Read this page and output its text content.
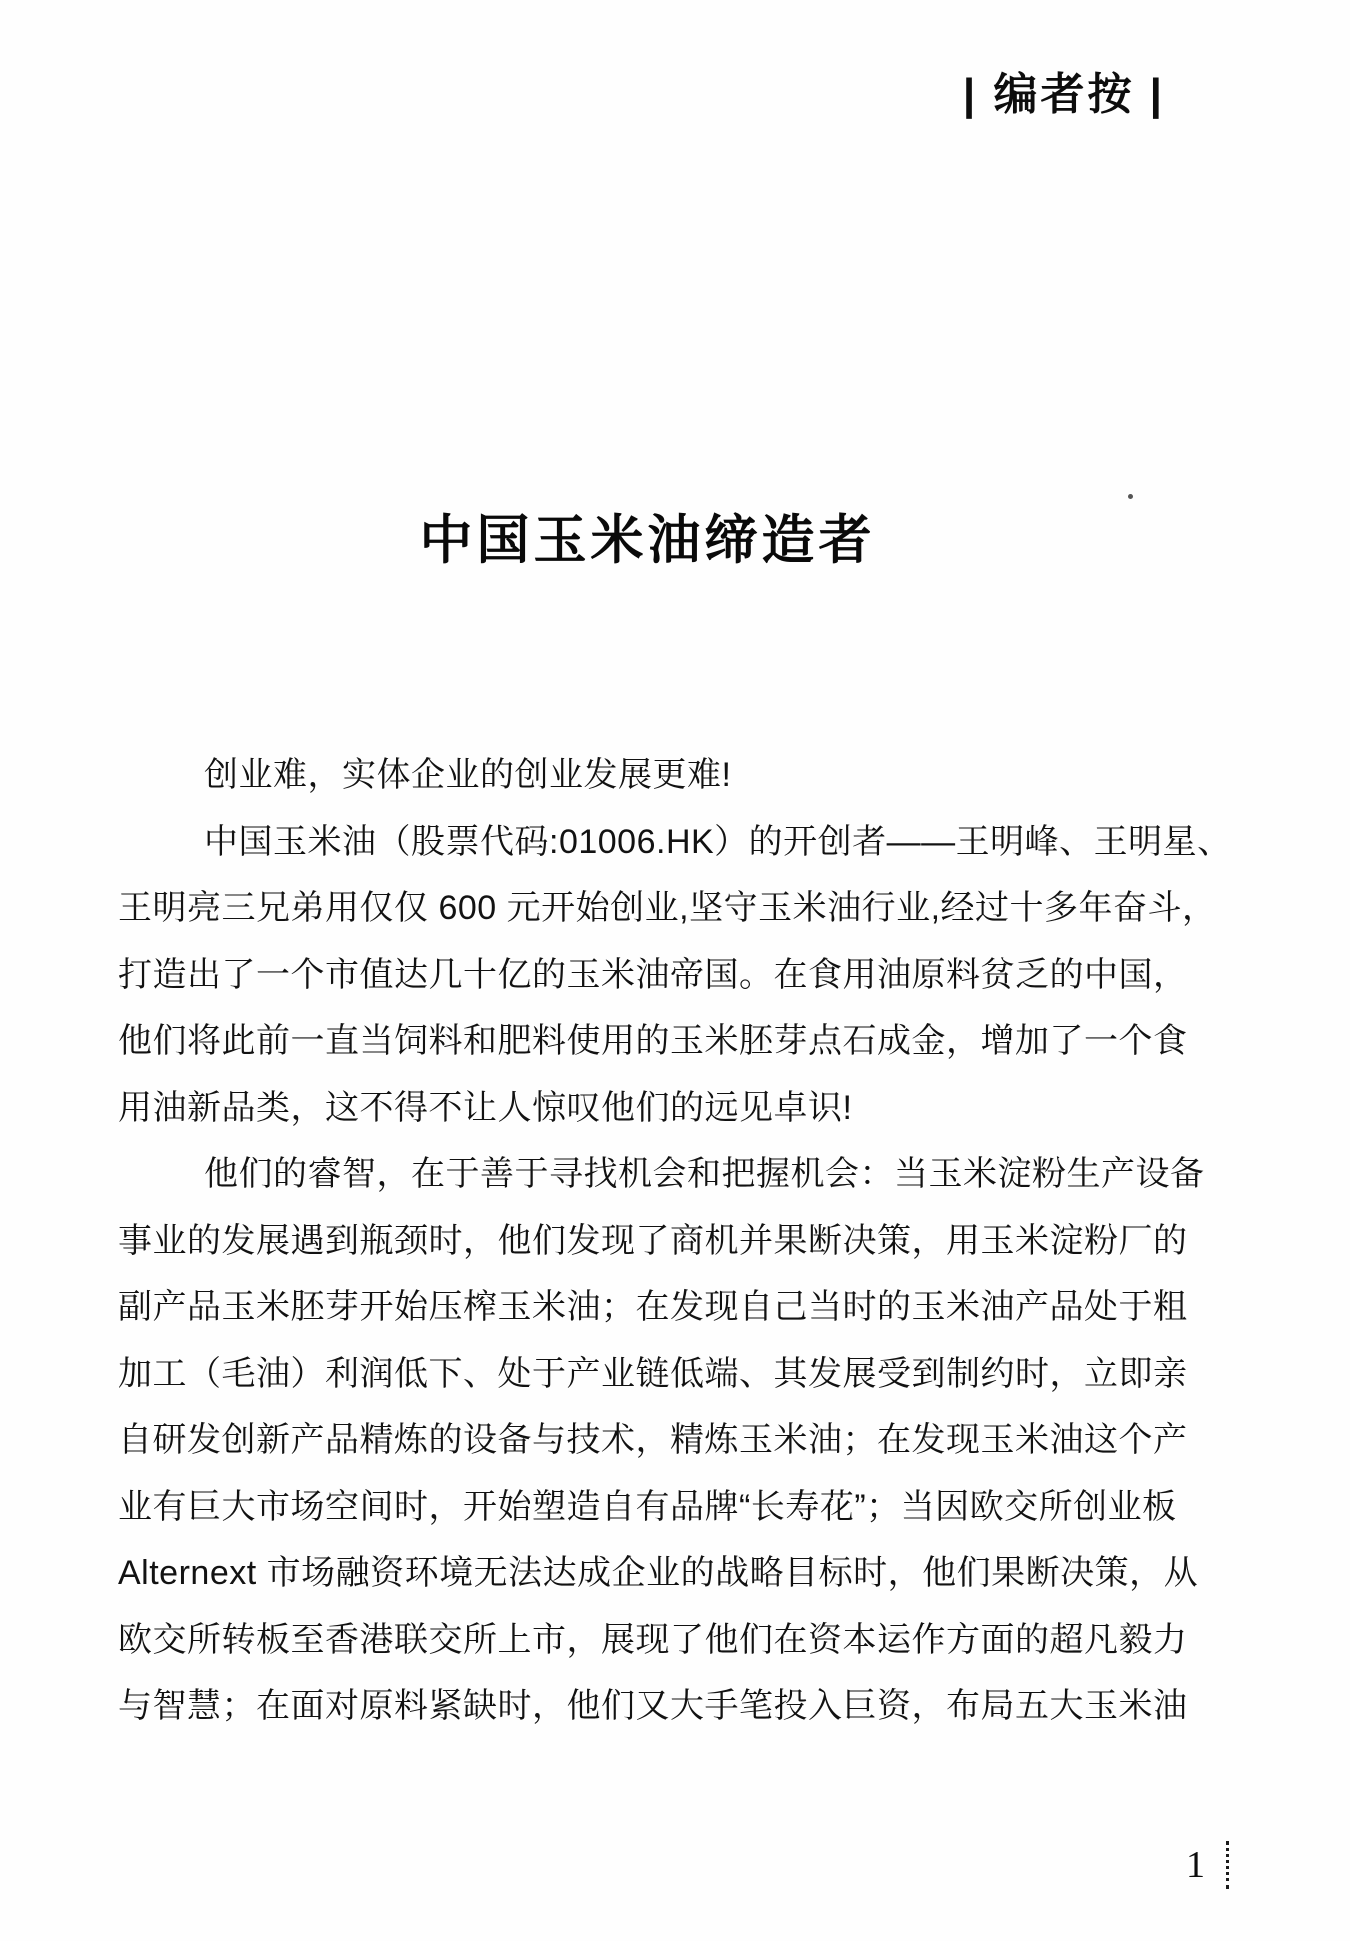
| 编者按 |
中国玉米油缔造者
创业难，实体企业的创业发展更难!
中国玉米油（股票代码:01006.HK）的开创者——王明峰、王明星、
王明亮三兄弟用仅仅 600 元开始创业,坚守玉米油行业,经过十多年奋斗，
打造出了一个市值达几十亿的玉米油帝国。在食用油原料贫乏的中国，
他们将此前一直当饲料和肥料使用的玉米胚芽点石成金，增加了一个食
用油新品类，这不得不让人惊叹他们的远见卓识!
他们的睿智，在于善于寻找机会和把握机会：当玉米淀粉生产设备
事业的发展遇到瓶颈时，他们发现了商机并果断决策，用玉米淀粉厂的
副产品玉米胚芽开始压榨玉米油；在发现自己当时的玉米油产品处于粗
加工（毛油）利润低下、处于产业链低端、其发展受到制约时，立即亲
自研发创新产品精炼的设备与技术，精炼玉米油；在发现玉米油这个产
业有巨大市场空间时，开始塑造自有品牌“长寿花”；当因欧交所创业板
Alternext 市场融资环境无法达成企业的战略目标时，他们果断决策，从
欧交所转板至香港联交所上市，展现了他们在资本运作方面的超凡毅力
与智慧；在面对原料紧缺时，他们又大手笔投入巨资，布局五大玉米油
1
